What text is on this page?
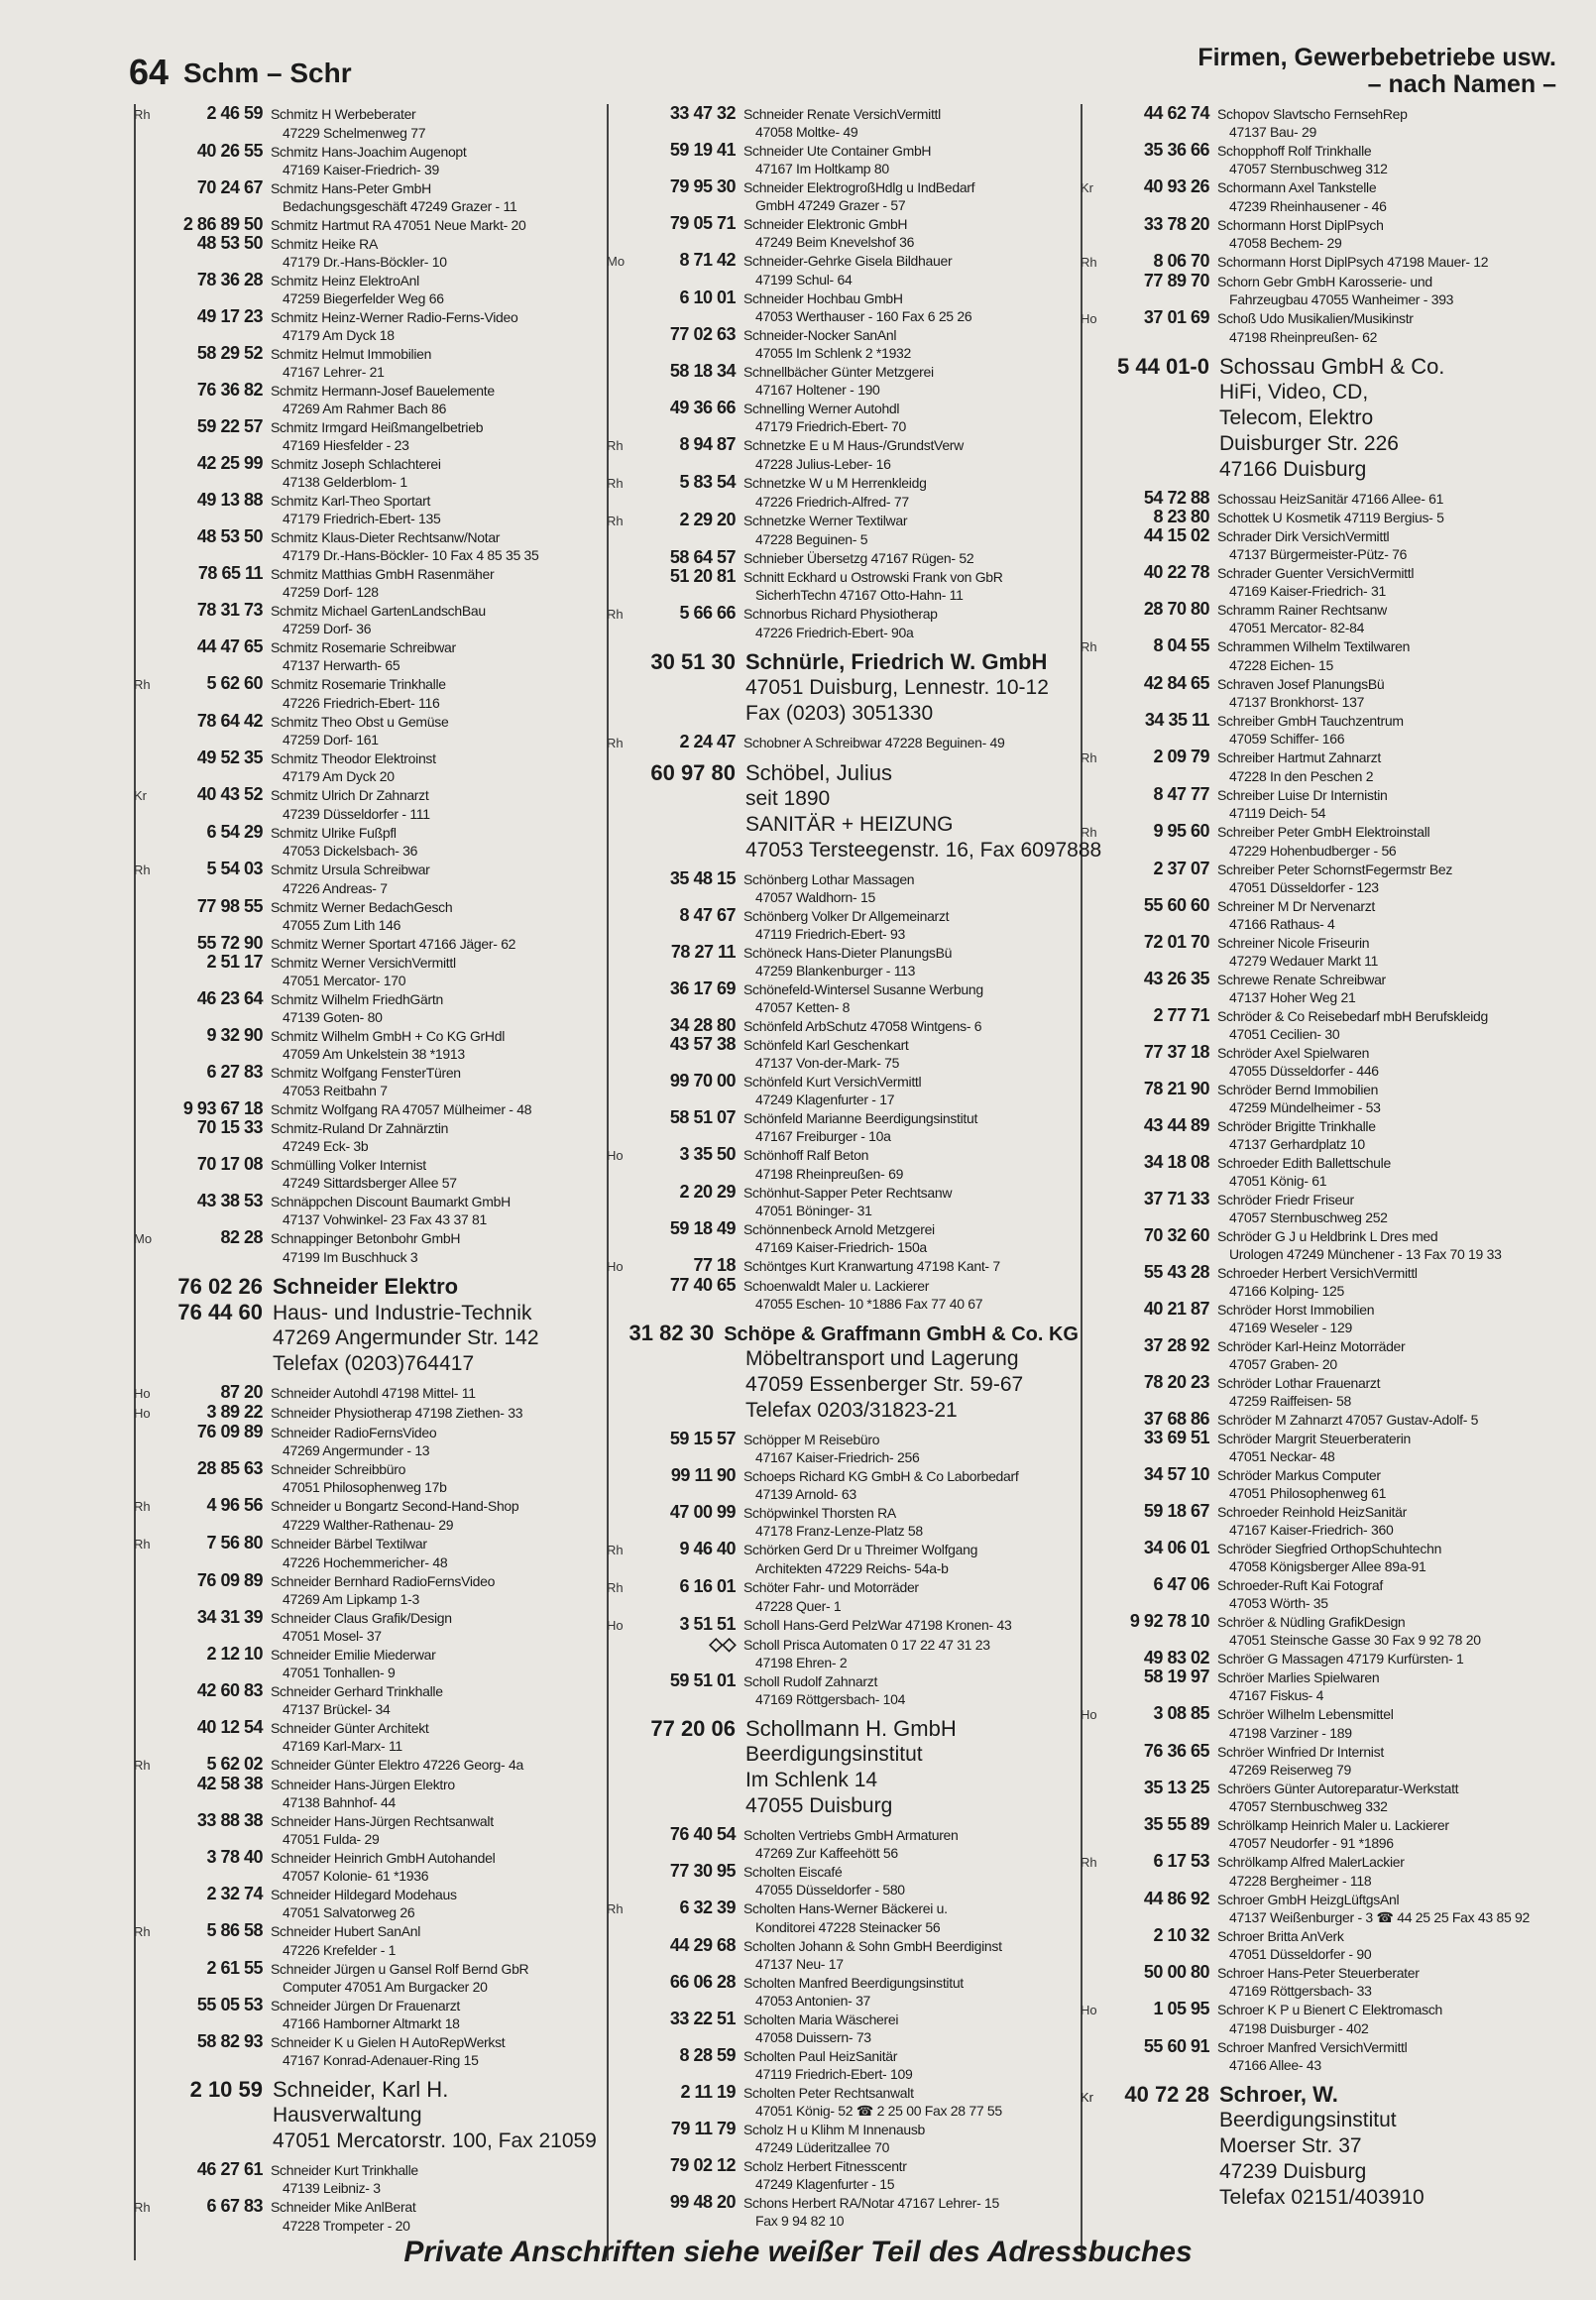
64 Schm – Schr	Firmen, Gewerbebetriebe usw.
– nach Namen –
Rh	2 46 59 Schmitz H Werbeberater
47229 Schelmenweg 77
40 26 55 Schmitz Hans-Joachim Augenopt
47169 Kaiser-Friedrich- 39
70 24 67 Schmitz Hans-Peter GmbH
Bedachungsgeschäft 47249 Grazer - 11
2 86 89 50 Schmitz Hartmut RA 47051 Neue Markt- 20
48 53 50 Schmitz Heike RA
47179 Dr.-Hans-Böckler- 10
78 36 28 Schmitz Heinz ElektroAnl
47259 Biegerfelder Weg 66
49 17 23 Schmitz Heinz-Werner Radio-Ferns-Video
47179 Am Dyck 18
58 29 52 Schmitz Helmut Immobilien
47167 Lehrer- 21
76 36 82 Schmitz Hermann-Josef Bauelemente
47269 Am Rahmer Bach 86
59 22 57 Schmitz Irmgard Heißmangelbetrieb
47169 Hiesfelder - 23
42 25 99 Schmitz Joseph Schlachterei
47138 Gelderblom- 1
49 13 88 Schmitz Karl-Theo Sportart
47179 Friedrich-Ebert- 135
48 53 50 Schmitz Klaus-Dieter Rechtsanw/Notar
47179 Dr.-Hans-Böckler- 10 Fax 4 85 35 35
78 65 11 Schmitz Matthias GmbH Rasenmäher
47259 Dorf- 128
78 31 73 Schmitz Michael GartenLandschBau
47259 Dorf- 36
44 47 65 Schmitz Rosemarie Schreibwar
47137 Herwarth- 65
Rh	5 62 60 Schmitz Rosemarie Trinkhalle
47226 Friedrich-Ebert- 116
78 64 42 Schmitz Theo Obst u Gemüse
47259 Dorf- 161
49 52 35 Schmitz Theodor Elektroinst
47179 Am Dyck 20
Kr	40 43 52 Schmitz Ulrich Dr Zahnarzt
47239 Düsseldorfer - 111
6 54 29 Schmitz Ulrike Fußpfl
47053 Dickelsbach- 36
Rh	5 54 03 Schmitz Ursula Schreibwar
47226 Andreas- 7
77 98 55 Schmitz Werner BedachGesch
47055 Zum Lith 146
55 72 90 Schmitz Werner Sportart 47166 Jäger- 62
2 51 17 Schmitz Werner VersichVermittl
47051 Mercator- 170
46 23 64 Schmitz Wilhelm FriedhGärtn
47139 Goten- 80
9 32 90 Schmitz Wilhelm GmbH + Co KG GrHdl
47059 Am Unkelstein 38 *1913
6 27 83 Schmitz Wolfgang FensterTüren
47053 Reitbahn 7
9 93 67 18 Schmitz Wolfgang RA 47057 Mülheimer - 48
70 15 33 Schmitz-Ruland Dr Zahnärztin
47249 Eck- 3b
70 17 08 Schmülling Volker Internist
47249 Sittardsberger Allee 57
43 38 53 Schnäppchen Discount Baumarkt GmbH
47137 Vohwinkel- 23 Fax 43 37 81
Mo	82 28 Schnappinger Betonbohr GmbH
47199 Im Buschhuck 3
76 02 26 Schneider Elektro
76 44 60 Haus- und Industrie-Technik
47269 Angermunder Str. 142
Telefax (0203)764417
Ho	87 20 Schneider Autohdl 47198 Mittel- 11
Ho	3 89 22 Schneider Physiotherap 47198 Ziethen- 33
76 09 89 Schneider RadioFernsVideo
47269 Angermunder - 13
28 85 63 Schneider Schreibbüro
47051 Philosophenweg 17b
Rh	4 96 56 Schneider u Bongartz Second-Hand-Shop
47229 Walther-Rathenau- 29
Rh	7 56 80 Schneider Bärbel Textilwar
47226 Hochemmericher- 48
76 09 89 Schneider Bernhard RadioFernsVideo
47269 Am Lipkamp 1-3
34 31 39 Schneider Claus Grafik/Design
47051 Mosel- 37
2 12 10 Schneider Emilie Miederwar
47051 Tonhallen- 9
42 60 83 Schneider Gerhard Trinkhalle
47137 Brückel- 34
40 12 54 Schneider Günter Architekt
47169 Karl-Marx- 11
Rh	5 62 02 Schneider Günter Elektro 47226 Georg- 4a
42 58 38 Schneider Hans-Jürgen Elektro
47138 Bahnhof- 44
33 88 38 Schneider Hans-Jürgen Rechtsanwalt
47051 Fulda- 29
3 78 40 Schneider Heinrich GmbH Autohandel
47057 Kolonie- 61 *1936
2 32 74 Schneider Hildegard Modehaus
47051 Salvatorweg 26
Rh	5 86 58 Schneider Hubert SanAnl
47226 Krefelder - 1
2 61 55 Schneider Jürgen u Gansel Rolf Bernd GbR
Computer 47051 Am Burgacker 20
55 05 53 Schneider Jürgen Dr Frauenarzt
47166 Hamborner Altmarkt 18
58 82 93 Schneider K u Gielen H AutoRepWerkst
47167 Konrad-Adenauer-Ring 15
2 10 59 Schneider, Karl H.
Hausverwaltung
47051 Mercatorstr. 100, Fax 21059
46 27 61 Schneider Kurt Trinkhalle
47139 Leibniz- 3
Rh	6 67 83 Schneider Mike AnlBerat
47228 Trompeter - 20
33 47 32 Schneider Renate VersichVermittl
47058 Moltke- 49
59 19 41 Schneider Ute Container GmbH
47167 Im Holtkamp 80
79 95 30 Schneider ElektrogroßHdlg u IndBedarf
GmbH 47249 Grazer - 57
79 05 71 Schneider Elektronic GmbH
47249 Beim Knevelshof 36
Mo	8 71 42 Schneider-Gehrke Gisela Bildhauer
47199 Schul- 64
6 10 01 Schneider Hochbau GmbH
47053 Werthauser - 160 Fax 6 25 26
77 02 63 Schneider-Nocker SanAnl
47055 Im Schlenk 2 *1932
58 18 34 Schnellbächer Günter Metzgerei
47167 Holtener - 190
49 36 66 Schnelling Werner Autohdl
47179 Friedrich-Ebert- 70
Rh	8 94 87 Schnetzke E u M Haus-/GrundstVerw
47228 Julius-Leber- 16
Rh	5 83 54 Schnetzke W u M Herrenkleidg
47226 Friedrich-Alfred- 77
Rh	2 29 20 Schnetzke Werner Textilwar
47228 Beguinen- 5
58 64 57 Schnieber Übersetzg 47167 Rügen- 52
51 20 81 Schnitt Eckhard u Ostrowski Frank von GbR
SicherhTechn 47167 Otto-Hahn- 11
Rh	5 66 66 Schnorbus Richard Physiotherap
47226 Friedrich-Ebert- 90a
30 51 30 Schnürle, Friedrich W. GmbH
47051 Duisburg, Lennestr. 10-12
Fax (0203) 3051330
Rh	2 24 47 Schobner A Schreibwar 47228 Beguinen- 49
60 97 80 Schöbel, Julius
seit 1890
SANITÄR + HEIZUNG
47053 Tersteegenstr. 16, Fax 6097888
35 48 15 Schönberg Lothar Massagen
47057 Waldhorn- 15
8 47 67 Schönberg Volker Dr Allgemeinarzt
47119 Friedrich-Ebert- 93
78 27 11 Schöneck Hans-Dieter PlanungsBü
47259 Blankenburger - 113
36 17 69 Schönefeld-Wintersel Susanne Werbung
47057 Ketten- 8
34 28 80 Schönfeld ArbSchutz 47058 Wintgens- 6
43 57 38 Schönfeld Karl Geschenkart
47137 Von-der-Mark- 75
99 70 00 Schönfeld Kurt VersichVermittl
47249 Klagenfurter - 17
58 51 07 Schönfeld Marianne Beerdigungsinstitut
47167 Freiburger - 10a
Ho	3 35 50 Schönhoff Ralf Beton
47198 Rheinpreußen- 69
2 20 29 Schönhut-Sapper Peter Rechtsanw
47051 Böninger- 31
59 18 49 Schönnenbeck Arnold Metzgerei
47169 Kaiser-Friedrich- 150a
Ho	77 18 Schöntges Kurt Kranwartung 47198 Kant- 7
77 40 65 Schoenwaldt Maler u. Lackierer
47055 Eschen- 10 *1886 Fax 77 40 67
31 82 30 Schöpe & Graffmann GmbH & Co. KG
Möbeltransport und Lagerung
47059 Essenberger Str. 59-67
Telefax 0203/31823-21
59 15 57 Schöpper M Reisebüro
47167 Kaiser-Friedrich- 256
99 11 90 Schoeps Richard KG GmbH & Co Laborbedarf
47139 Arnold- 63
47 00 99 Schöpwinkel Thorsten RA
47178 Franz-Lenze-Platz 58
Rh	9 46 40 Schörken Gerd Dr u Threimer Wolfgang
Architekten 47229 Reichs- 54a-b
Rh	6 16 01 Schöter Fahr- und Motorräder
47228 Quer- 1
Ho	3 51 51 Scholl Hans-Gerd PelzWar 47198 Kronen- 43
◇◇ Scholl Prisca Automaten 0 17 22 47 31 23
47198 Ehren- 2
59 51 01 Scholl Rudolf Zahnarzt
47169 Röttgersbach- 104
77 20 06 Schollmann H. GmbH
Beerdigungsinstitut
Im Schlenk 14
47055 Duisburg
76 40 54 Scholten Vertriebs GmbH Armaturen
47269 Zur Kaffeehött 56
77 30 95 Scholten Eiscafé
47055 Düsseldorfer - 580
Rh	6 32 39 Scholten Hans-Werner Bäckerei u.
Konditorei 47228 Steinacker 56
44 29 68 Scholten Johann & Sohn GmbH Beerdiginst
47137 Neu- 17
66 06 28 Scholten Manfred Beerdigungsinstitut
47053 Antonien- 37
33 22 51 Scholten Maria Wäscherei
47058 Duissern- 73
8 28 59 Scholten Paul HeizSanitär
47119 Friedrich-Ebert- 109
2 11 19 Scholten Peter Rechtsanwalt
47051 König- 52 ☎ 2 25 00 Fax 28 77 55
79 11 79 Scholz H u Klihm M Innenausb
47249 Lüderitzallee 70
79 02 12 Scholz Herbert Fitnesscentr
47249 Klagenfurter - 15
99 48 20 Schons Herbert RA/Notar 47167 Lehrer- 15
Fax 9 94 82 10
44 62 74 Schopov Slavtscho FernsehRep
47137 Bau- 29
35 36 66 Schopphoff Rolf Trinkhalle
47057 Sternbuschweg 312
Kr	40 93 26 Schormann Axel Tankstelle
47239 Rheinhausener - 46
33 78 20 Schormann Horst DiplPsych
47058 Bechem- 29
Rh	8 06 70 Schormann Horst DiplPsych 47198 Mauer- 12
77 89 70 Schorn Gebr GmbH Karosserie- und
Fahrzeugbau 47055 Wanheimer - 393
Ho	37 01 69 Schoß Udo Musikalien/Musikinstr
47198 Rheinpreußen- 62
5 44 01-0 Schossau GmbH & Co.
HiFi, Video, CD,
Telecom, Elektro
Duisburger Str. 226
47166 Duisburg
54 72 88 Schossau HeizSanitär 47166 Allee- 61
8 23 80 Schottek U Kosmetik 47119 Bergius- 5
44 15 02 Schrader Dirk VersichVermittl
47137 Bürgermeister-Pütz- 76
40 22 78 Schrader Guenter VersichVermittl
47169 Kaiser-Friedrich- 31
28 70 80 Schramm Rainer Rechtsanw
47051 Mercator- 82-84
Rh	8 04 55 Schrammen Wilhelm Textilwaren
47228 Eichen- 15
42 84 65 Schraven Josef PlanungsBü
47137 Bronkhorst- 137
34 35 11 Schreiber GmbH Tauchzentrum
47059 Schiffer- 166
Rh	2 09 79 Schreiber Hartmut Zahnarzt
47228 In den Peschen 2
8 47 77 Schreiber Luise Dr Internistin
47119 Deich- 54
Rh	9 95 60 Schreiber Peter GmbH Elektroinstall
47229 Hohenbudberger - 56
2 37 07 Schreiber Peter SchornstFegermstr Bez
47051 Düsseldorfer - 123
55 60 60 Schreiner M Dr Nervenarzt
47166 Rathaus- 4
72 01 70 Schreiner Nicole Friseurin
47279 Wedauer Markt 11
43 26 35 Schrewe Renate Schreibwar
47137 Hoher Weg 21
2 77 71 Schröder & Co Reisebedarf mbH Berufskleidg
47051 Cecilien- 30
77 37 18 Schröder Axel Spielwaren
47055 Düsseldorfer - 446
78 21 90 Schröder Bernd Immobilien
47259 Mündelheimer - 53
43 44 89 Schröder Brigitte Trinkhalle
47137 Gerhardplatz 10
34 18 08 Schroeder Edith Ballettschule
47051 König- 61
37 71 33 Schröder Friedr Friseur
47057 Sternbuschweg 252
70 32 60 Schröder G J u Heldbrink L Dres med
Urologen 47249 Münchener - 13 Fax 70 19 33
55 43 28 Schroeder Herbert VersichVermittl
47166 Kolping- 125
40 21 87 Schröder Horst Immobilien
47169 Weseler - 129
37 28 92 Schröder Karl-Heinz Motorräder
47057 Graben- 20
78 20 23 Schröder Lothar Frauenarzt
47259 Raiffeisen- 58
37 68 86 Schröder M Zahnarzt 47057 Gustav-Adolf- 5
33 69 51 Schröder Margrit Steuerberaterin
47051 Neckar- 48
34 57 10 Schröder Markus Computer
47051 Philosophenweg 61
59 18 67 Schroeder Reinhold HeizSanitär
47167 Kaiser-Friedrich- 360
34 06 01 Schröder Siegfried OrthopSchuhtechn
47058 Königsberger Allee 89a-91
6 47 06 Schroeder-Ruft Kai Fotograf
47053 Wörth- 35
9 92 78 10 Schröer & Nüdling GrafikDesign
47051 Steinsche Gasse 30 Fax 9 92 78 20
49 83 02 Schröer G Massagen 47179 Kurfürsten- 1
58 19 97 Schröer Marlies Spielwaren
47167 Fiskus- 4
Ho	3 08 85 Schröer Wilhelm Lebensmittel
47198 Varziner - 189
76 36 65 Schröer Winfried Dr Internist
47269 Reiserweg 79
35 13 25 Schröers Günter Autoreparatur-Werkstatt
47057 Sternbuschweg 332
35 55 89 Schrölkamp Heinrich Maler u. Lackierer
47057 Neudorfer - 91 *1896
Rh	6 17 53 Schrölkamp Alfred MalerLackier
47228 Bergheimer - 118
44 86 92 Schroer GmbH HeizgLüftgsAnl
47137 Weißenburger - 3 ☎ 44 25 25 Fax 43 85 92
2 10 32 Schroer Britta AnVerk
47051 Düsseldorfer - 90
50 00 80 Schroer Hans-Peter Steuerberater
47169 Röttgersbach- 33
Ho	1 05 95 Schroer K P u Bienert C Elektromasch
47198 Duisburger - 402
55 60 91 Schroer Manfred VersichVermittl
47166 Allee- 43
Kr	40 72 28 Schroer, W.
Beerdigungsinstitut
Moerser Str. 37
47239 Duisburg
Telefax 02151/403910
Private Anschriften siehe weißer Teil des Adressbuches
